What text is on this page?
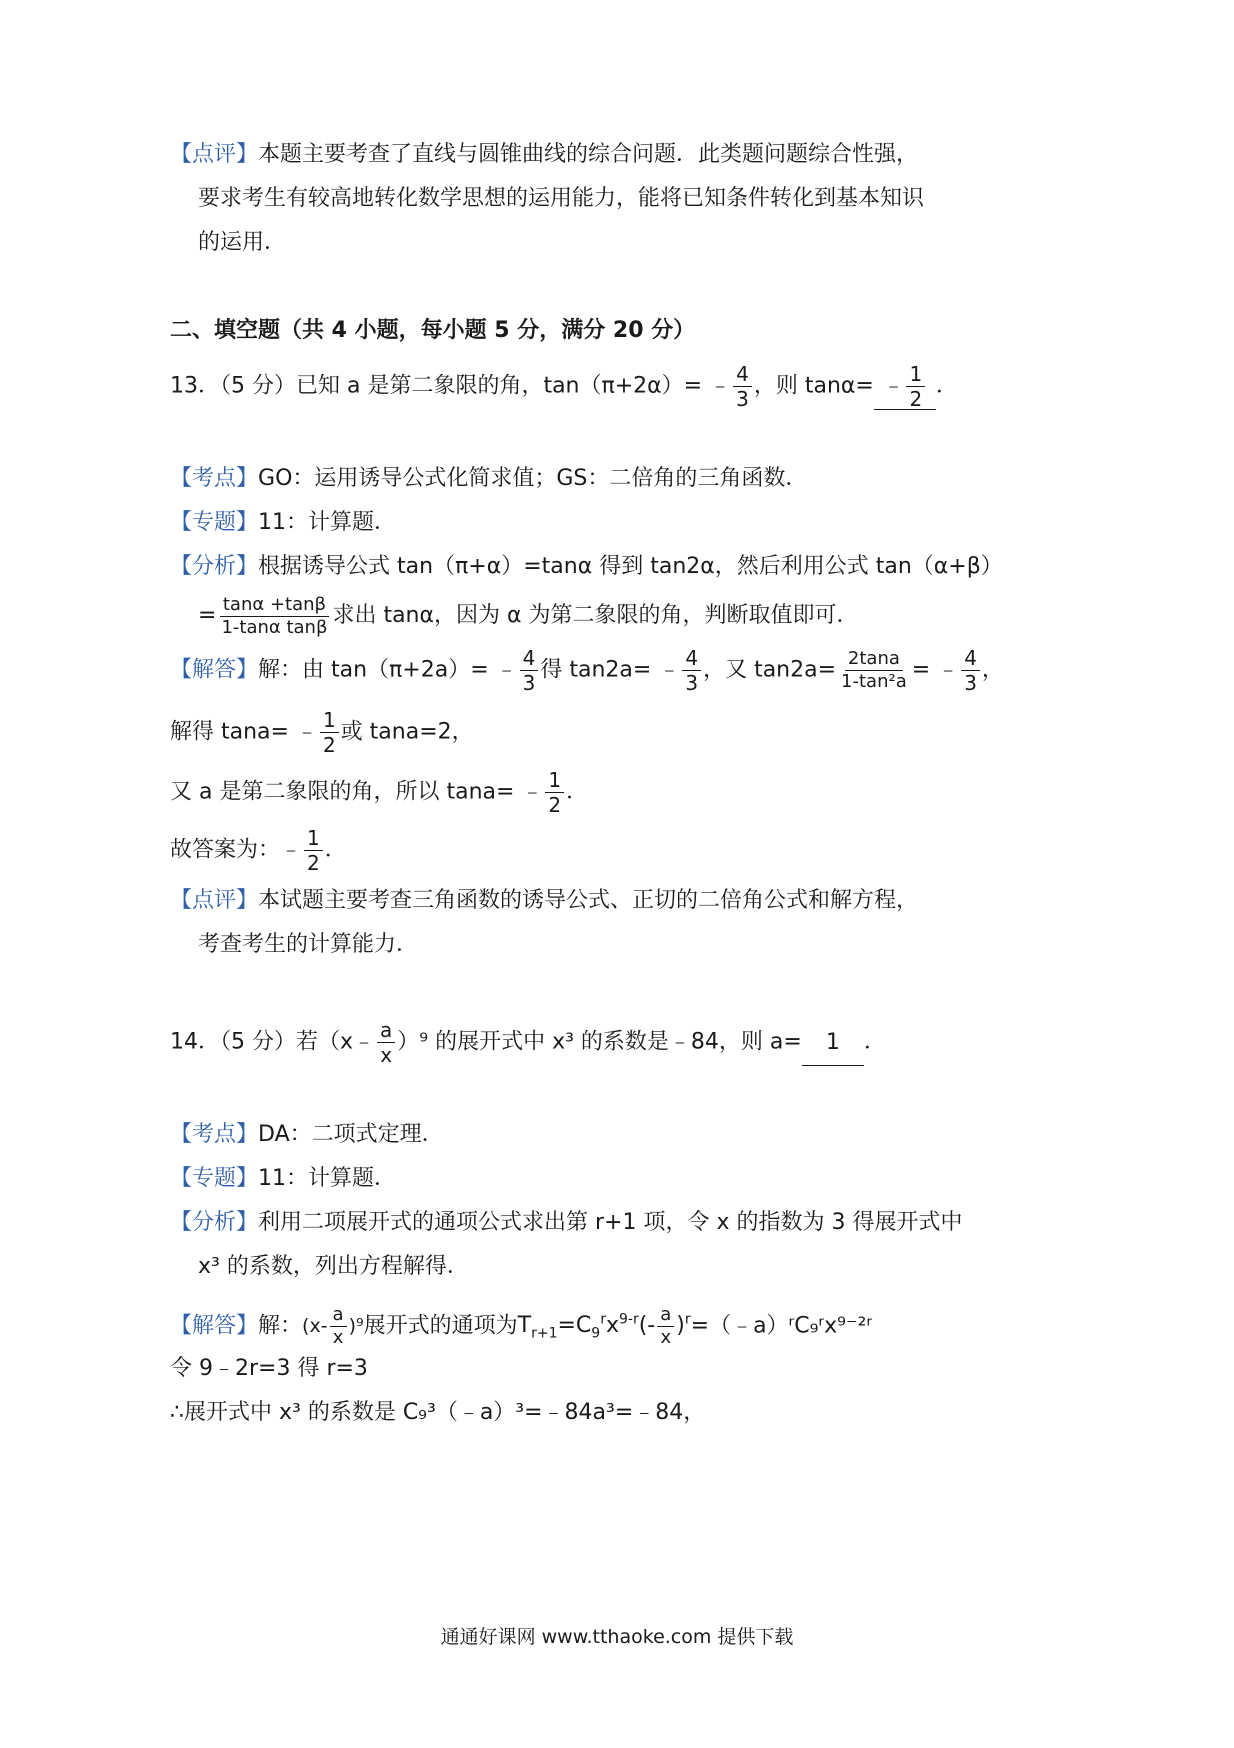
【点评】本题主要考查了直线与圆锥曲线的综合问题．此类题问题综合性强，
要求考生有较高地转化数学思想的运用能力，能将已知条件转化到基本知识
的运用．
二、填空题（共 4 小题，每小题 5 分，满分 20 分）
13．（5 分）已知 a 是第二象限的角，tan（π+2α）= ﹣ $\frac{4}{3}$ ，则 tanα= ﹣ $\frac{1}{2}$ ．
【考点】GO：运用诱导公式化简求值；GS：二倍角的三角函数．
【专题】11：计算题．
【分析】根据诱导公式 tan（π+α）=tanα 得到 tan2α，然后利用公式 tan（α+β）
= $\frac{\tan\alpha +\tan\beta}{\text{1-tanα tanβ}}$ 求出 tanα，因为 α 为第二象限的角，判断取值即可．
【解答】解：由 tan（π+2a）= ﹣ $\frac{4}{3}$ 得 tan2a= ﹣ $\frac{4}{3}$ ，又 $\tan 2a= \frac{2\tan a}{\text{1-tan²a}}$ = ﹣ $\frac{4}{3}$ ，
解得 tana= ﹣ $\frac{1}{2}$ 或 tana=2，
又 a 是第二象限的角，所以 tana= ﹣ $\frac{1}{2}$ ．
故答案为：﹣ $\frac{1}{2}$ ．
【点评】本试题主要考查三角函数的诱导公式、正切的二倍角公式和解方程，
考查考生的计算能力．
14．（5 分）若（x﹣ $\frac{a}{x} )^9$ 的展开式中 x³ 的系数是﹣84，则 a= 1 ．
【考点】DA：二项式定理．
【专题】11：计算题．
【分析】利用二项展开式的通项公式求出第 r+1 项，令 x 的指数为 3 得展开式中
x³ 的系数，列出方程解得．
【解答】解：$(x- \frac{a}{x} )^9$展开式的通项为$T_{r+1}=C_9^rx^{9-r}(- \frac{a}{x}$ )$^r$=（﹣a）ʳC₉ʳx⁹⁻²ʳ
令 9﹣2r=3 得 r=3
∴展开式中 x³ 的系数是 C₉³（﹣a）³=﹣84a³=﹣84，
通通好课网 www.tthaoke.com 提供下载
